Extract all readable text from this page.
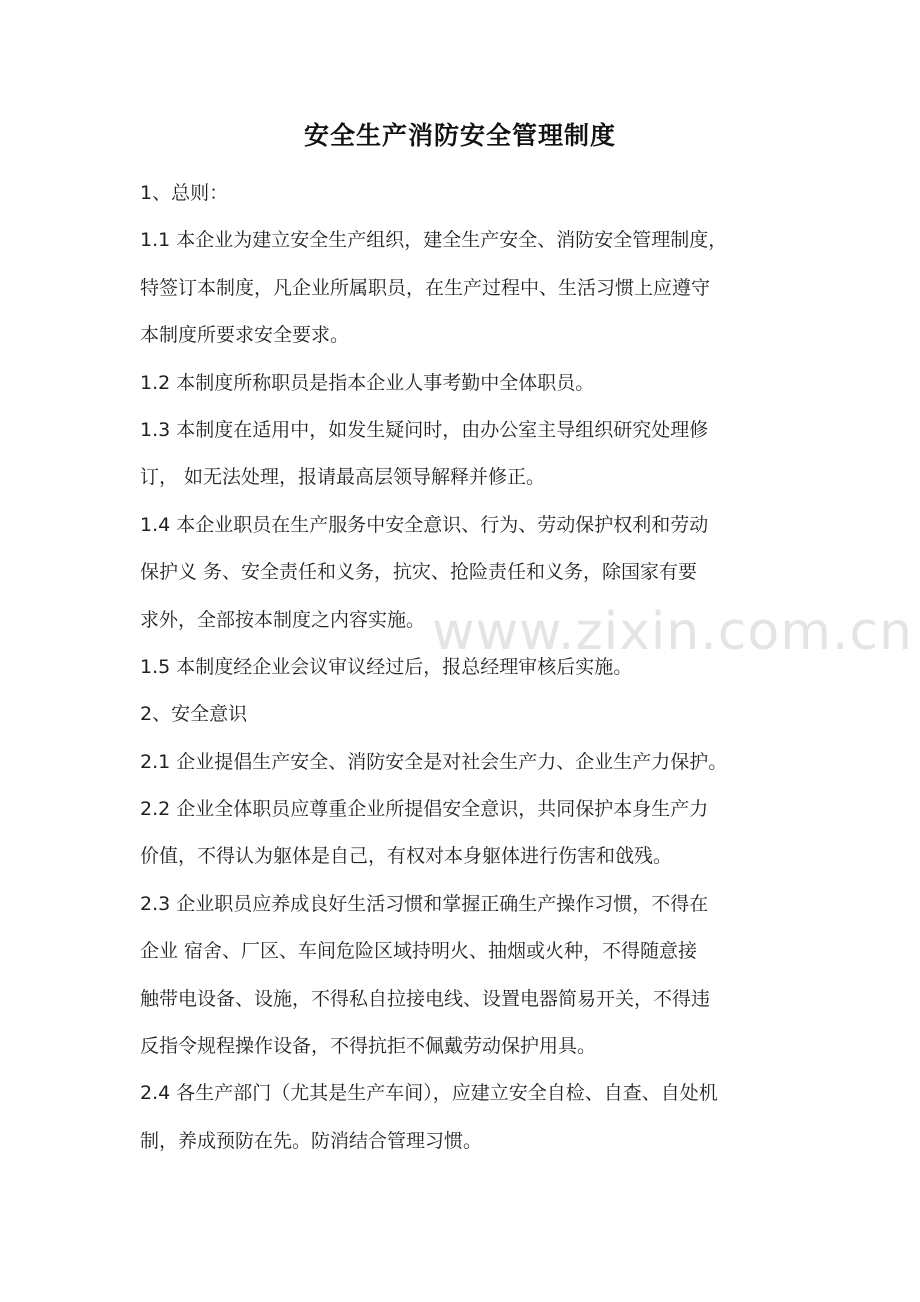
安全生产消防安全管理制度
1、总则：
1.1 本企业为建立安全生产组织，建全生产安全、消防安全管理制度，
特签订本制度，凡企业所属职员，在生产过程中、生活习惯上应遵守
本制度所要求安全要求。
1.2 本制度所称职员是指本企业人事考勤中全体职员。
1.3 本制度在适用中，如发生疑问时，由办公室主导组织研究处理修
订， 如无法处理，报请最高层领导解释并修正。
1.4 本企业职员在生产服务中安全意识、行为、劳动保护权利和劳动
保护义 务、安全责任和义务，抗灾、抢险责任和义务，除国家有要
求外，全部按本制度之内容实施。
1.5 本制度经企业会议审议经过后，报总经理审核后实施。
2、安全意识
2.1 企业提倡生产安全、消防安全是对社会生产力、企业生产力保护。
2.2 企业全体职员应尊重企业所提倡安全意识，共同保护本身生产力
价值，不得认为躯体是自己，有权对本身躯体进行伤害和戗残。
2.3 企业职员应养成良好生活习惯和掌握正确生产操作习惯，不得在
企业 宿舍、厂区、车间危险区域持明火、抽烟或火种，不得随意接
触带电设备、设施，不得私自拉接电线、设置电器简易开关，不得违
反指令规程操作设备，不得抗拒不佩戴劳动保护用具。
2.4 各生产部门（尤其是生产车间），应建立安全自检、自查、自处机
制，养成预防在先。防消结合管理习惯。
www.zixin.com.cn
